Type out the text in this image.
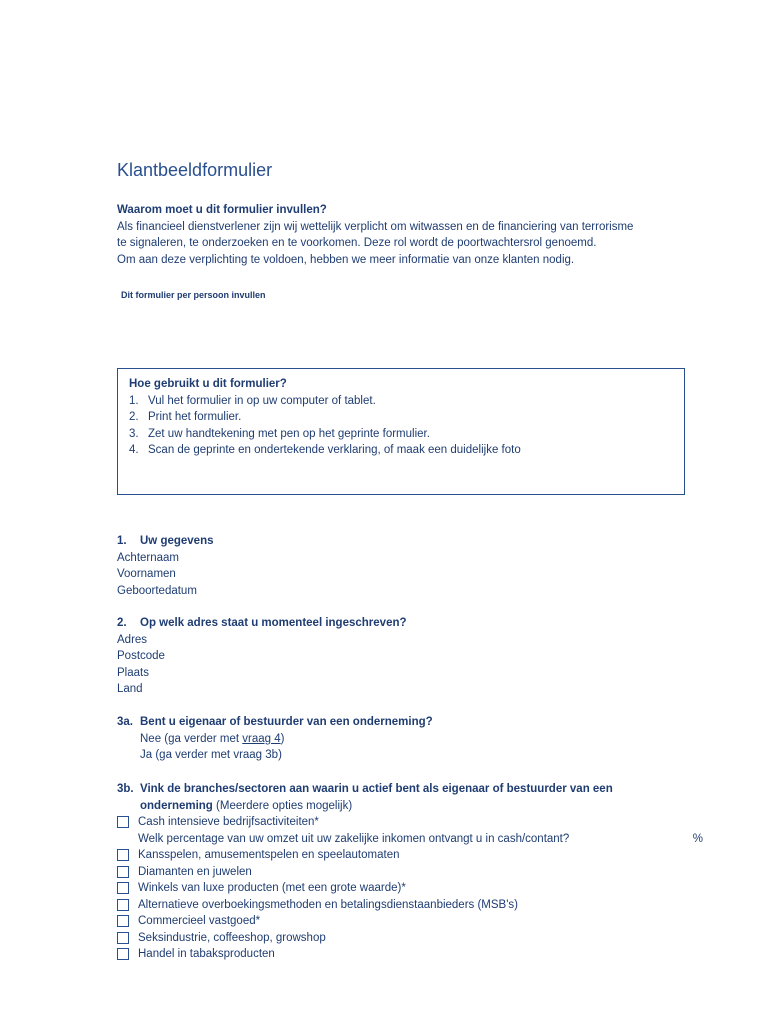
Klantbeeldformulier
Waarom moet u dit formulier invullen?
Als financieel dienstverlener zijn wij wettelijk verplicht om witwassen en de financiering van terrorisme
te signaleren, te onderzoeken en te voorkomen. Deze rol wordt de poortwachtersrol genoemd.
Om aan deze verplichting te voldoen, hebben we meer informatie van onze klanten nodig.
Dit formulier per persoon invullen
Hoe gebruikt u dit formulier?
1. Vul het formulier in op uw computer of tablet.
2. Print het formulier.
3. Zet uw handtekening met pen op het geprinte formulier.
4. Scan de geprinte en ondertekende verklaring, of maak een duidelijke foto
1.	Uw gegevens
Achternaam
Voornamen
Geboortedatum
2.	Op welk adres staat u momenteel ingeschreven?
Adres
Postcode
Plaats
Land
3a. Bent u eigenaar of bestuurder van een onderneming?
Nee (ga verder met vraag 4)
Ja (ga verder met vraag 3b)
3b. Vink de branches/sectoren aan waarin u actief bent als eigenaar of bestuurder van een
onderneming (Meerdere opties mogelijk)
Cash intensieve bedrijfsactiviteiten*
Welk percentage van uw omzet uit uw zakelijke inkomen ontvangt u in cash/contant?	%
Kansspelen, amusementspelen en speelautomaten
Diamanten en juwelen
Winkels van luxe producten (met een grote waarde)*
Alternatieve overboekingsmethoden en betalingsdienstaanbieders (MSB's)
Commercieel vastgoed*
Seksindustrie, coffeeshop, growshop
Handel in tabaksproducten
